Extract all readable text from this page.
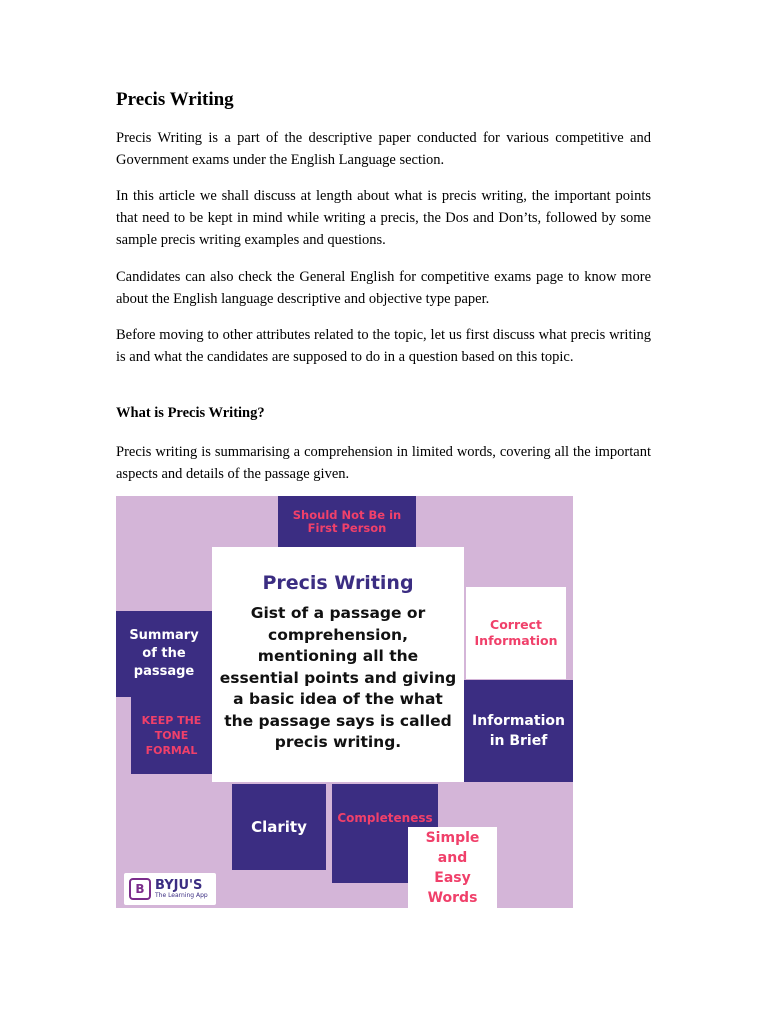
Precis Writing

Precis Writing is a part of the descriptive paper conducted for various competitive and Government exams under the English Language section.

In this article we shall discuss at length about what is precis writing, the important points that need to be kept in mind while writing a precis, the Dos and Don’ts, followed by some sample precis writing examples and questions.

Candidates can also check the General English for competitive exams page to know more about the English language descriptive and objective type paper.

Before moving to other attributes related to the topic, let us first discuss what precis writing is and what the candidates are supposed to do in a question based on this topic.

What is Precis Writing?

Precis writing is summarising a comprehension in limited words, covering all the important aspects and details of the passage given.

Should Not Be in First Person
Summary of the passage
KEEP THE TONE FORMAL
Correct Information
Information in Brief
Clarity	Completeness
Simple and Easy Words
Precis Writing
Gist of a passage or comprehension, mentioning all the essential points and giving a basic idea of the what the passage says is called precis writing.
B BYJU'S
The Learning App
